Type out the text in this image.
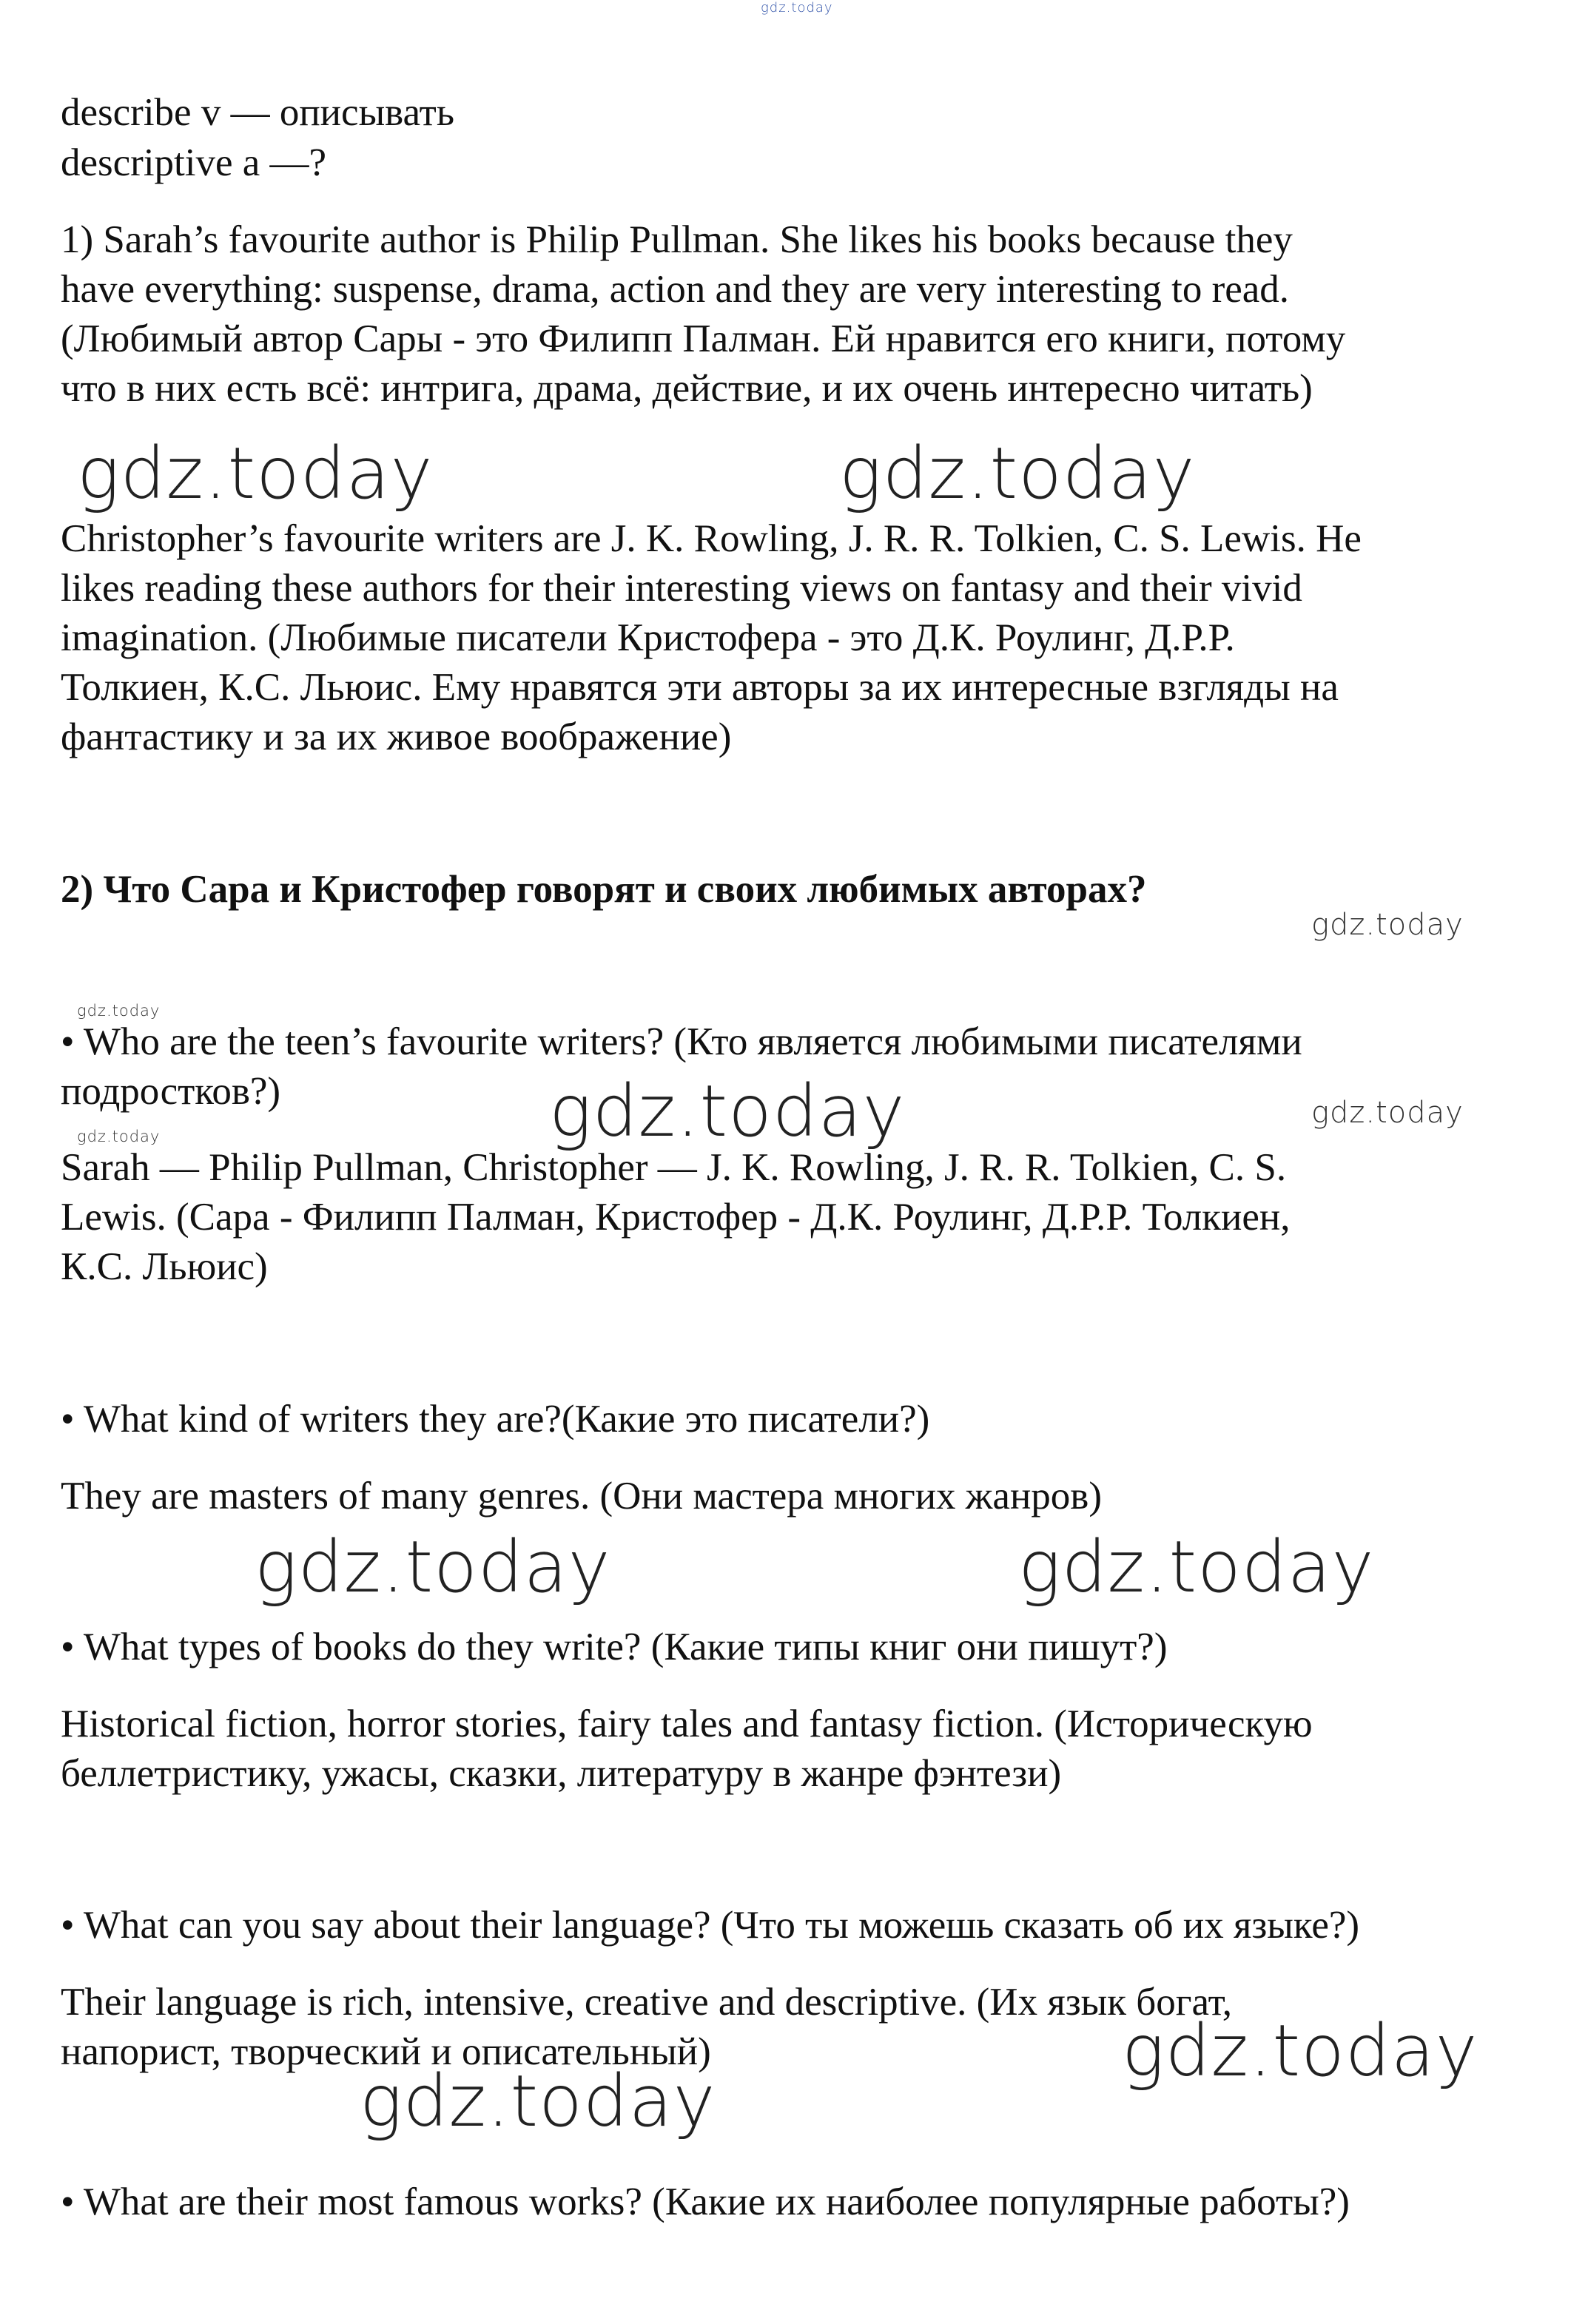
gdz.today
describe v — описывать
descriptive a —?
1) Sarah’s favourite author is Philip Pullman. She likes his books because they
have everything: suspense, drama, action and they are very interesting to read.
(Любимый автор Сары - это Филипп Палман. Ей нравится его книги, потому
что в них есть всё: интрига, драма, действие, и их очень интересно читать)
gdz.today	gdz.today
Christopher’s favourite writers are J. K. Rowling, J. R. R. Tolkien, C. S. Lewis. He
likes reading these authors for their interesting views on fantasy and their vivid
imagination. (Любимые писатели Кристофера - это Д.К. Роулинг, Д.Р.Р.
Толкиен, К.С. Льюис. Ему нравятся эти авторы за их интересные взгляды на
фантастику и за их живое воображение)
2) Что Сара и Кристофер говорят и своих любимых авторах?
gdz.today
gdz.today
• Who are the teen’s favourite writers? (Кто является любимыми писателями
подростков?)	gdz.today	gdz.today
gdz.today
Sarah — Philip Pullman, Christopher — J. K. Rowling, J. R. R. Tolkien, C. S.
Lewis. (Сара - Филипп Палман, Кристофер - Д.К. Роулинг, Д.Р.Р. Толкиен,
К.С. Льюис)
• What kind of writers they are?(Какие это писатели?)
They are masters of many genres. (Они мастера многих жанров)
gdz.today	gdz.today
• What types of books do they write? (Какие типы книг они пишут?)
Historical fiction, horror stories, fairy tales and fantasy fiction. (Историческую
беллетристику, ужасы, сказки, литературу в жанре фэнтези)
• What can you say about their language? (Что ты можешь сказать об их языке?)
Their language is rich, intensive, creative and descriptive. (Их язык богат,
напорист, творческий и описательный)	gdz.today
gdz.today
• What are their most famous works? (Какие их наиболее популярные работы?)
